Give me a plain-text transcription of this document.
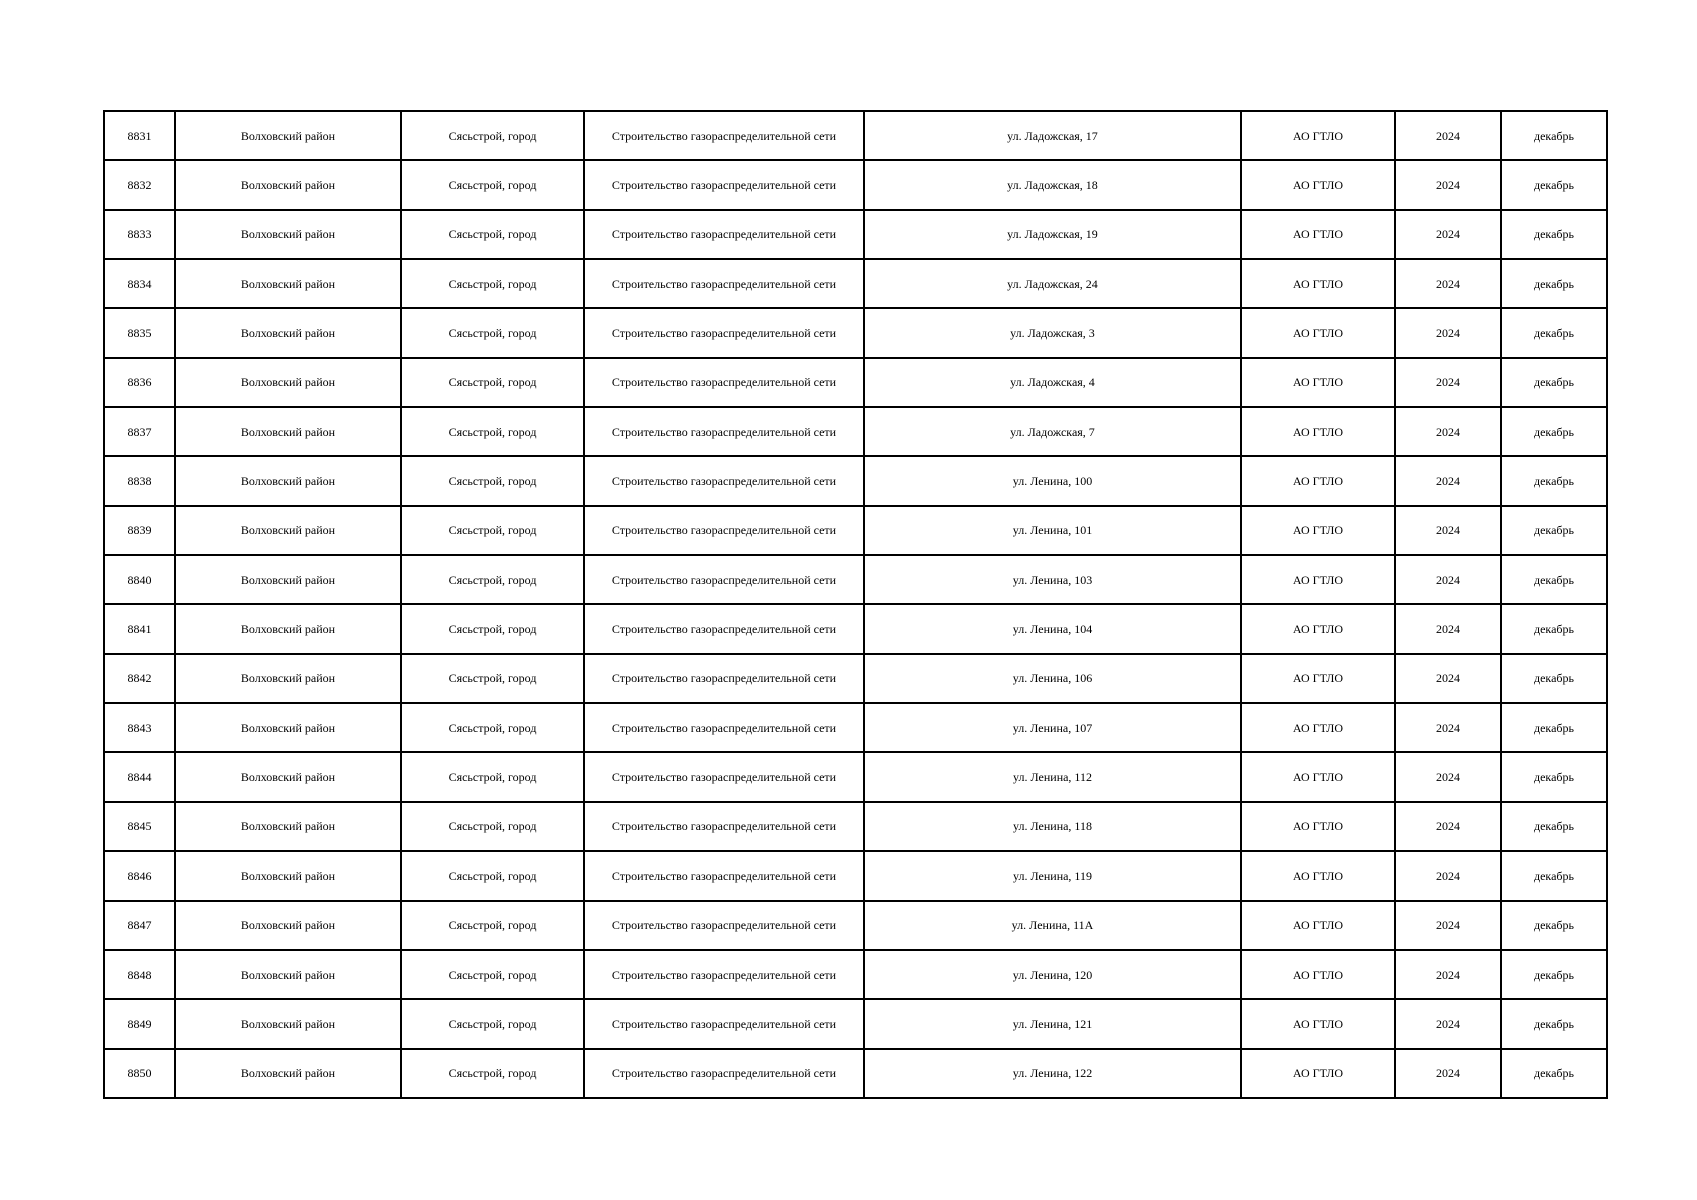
8831	Волховский район	Сясьстрой, город	Строительство газораспределительной сети	ул. Ладожская, 17	АО ГТЛО	2024	декабрь
8832	Волховский район	Сясьстрой, город	Строительство газораспределительной сети	ул. Ладожская, 18	АО ГТЛО	2024	декабрь
8833	Волховский район	Сясьстрой, город	Строительство газораспределительной сети	ул. Ладожская, 19	АО ГТЛО	2024	декабрь
8834	Волховский район	Сясьстрой, город	Строительство газораспределительной сети	ул. Ладожская, 24	АО ГТЛО	2024	декабрь
8835	Волховский район	Сясьстрой, город	Строительство газораспределительной сети	ул. Ладожская, 3	АО ГТЛО	2024	декабрь
8836	Волховский район	Сясьстрой, город	Строительство газораспределительной сети	ул. Ладожская, 4	АО ГТЛО	2024	декабрь
8837	Волховский район	Сясьстрой, город	Строительство газораспределительной сети	ул. Ладожская, 7	АО ГТЛО	2024	декабрь
8838	Волховский район	Сясьстрой, город	Строительство газораспределительной сети	ул. Ленина, 100	АО ГТЛО	2024	декабрь
8839	Волховский район	Сясьстрой, город	Строительство газораспределительной сети	ул. Ленина, 101	АО ГТЛО	2024	декабрь
8840	Волховский район	Сясьстрой, город	Строительство газораспределительной сети	ул. Ленина, 103	АО ГТЛО	2024	декабрь
8841	Волховский район	Сясьстрой, город	Строительство газораспределительной сети	ул. Ленина, 104	АО ГТЛО	2024	декабрь
8842	Волховский район	Сясьстрой, город	Строительство газораспределительной сети	ул. Ленина, 106	АО ГТЛО	2024	декабрь
8843	Волховский район	Сясьстрой, город	Строительство газораспределительной сети	ул. Ленина, 107	АО ГТЛО	2024	декабрь
8844	Волховский район	Сясьстрой, город	Строительство газораспределительной сети	ул. Ленина, 112	АО ГТЛО	2024	декабрь
8845	Волховский район	Сясьстрой, город	Строительство газораспределительной сети	ул. Ленина, 118	АО ГТЛО	2024	декабрь
8846	Волховский район	Сясьстрой, город	Строительство газораспределительной сети	ул. Ленина, 119	АО ГТЛО	2024	декабрь
8847	Волховский район	Сясьстрой, город	Строительство газораспределительной сети	ул. Ленина, 11А	АО ГТЛО	2024	декабрь
8848	Волховский район	Сясьстрой, город	Строительство газораспределительной сети	ул. Ленина, 120	АО ГТЛО	2024	декабрь
8849	Волховский район	Сясьстрой, город	Строительство газораспределительной сети	ул. Ленина, 121	АО ГТЛО	2024	декабрь
8850	Волховский район	Сясьстрой, город	Строительство газораспределительной сети	ул. Ленина, 122	АО ГТЛО	2024	декабрь
